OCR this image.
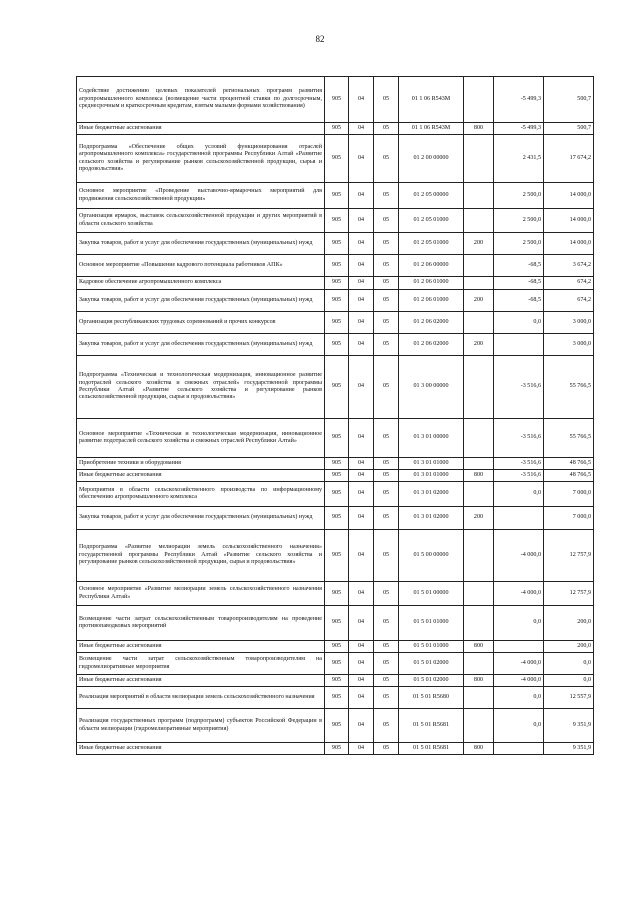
82
Содействие достижению целевых показателей региональных программ развития агропромышленного комплекса (возмещение части процентной ставки по долгосрочным, среднесрочным и краткосрочным кредитам, взятым малыми формами хозяйствования)	905	04	05	01 1 06 R543M		-5 499,3	500,7
Иные бюджетные ассигнования	905	04	05	01 1 06 R543M	800	-5 499,3	500,7
Подпрограмма «Обеспечение общих условий функционирования отраслей агропромышленного комплекса» государственной программы Республики Алтай «Развитие сельского хозяйства и регулирование рынков сельскохозяйственной продукции, сырья и продовольствия»	905	04	05	01 2 00 00000		2 431,5	17 674,2
Основное мероприятие «Проведение выставочно-ярмарочных мероприятий для продвижения сельскохозяйственной продукции»	905	04	05	01 2 05 00000		2 500,0	14 000,0
Организация ярмарок, выставок сельскохозяйственной продукции и других мероприятий в области сельского хозяйства	905	04	05	01 2 05 01000		2 500,0	14 000,0
Закупка товаров, работ и услуг для обеспечения государственных (муниципальных) нужд	905	04	05	01 2 05 01000	200	2 500,0	14 000,0
Основное мероприятие «Повышение кадрового потенциала работников АПК»	905	04	05	01 2 06 00000		-68,5	3 674,2
Кадровое обеспечение агропромышленного комплекса	905	04	05	01 2 06 01000		-68,5	674,2
Закупка товаров, работ и услуг для обеспечения государственных (муниципальных) нужд	905	04	05	01 2 06 01000	200	-68,5	674,2
Организация республиканских трудовых соревнований и прочих конкурсов	905	04	05	01 2 06 02000		0,0	3 000,0
Закупка товаров, работ и услуг для обеспечения государственных (муниципальных) нужд	905	04	05	01 2 06 02000	200		3 000,0
Подпрограмма «Техническая и технологическая модернизация, инновационное развитие подотраслей сельского хозяйства и смежных отраслей» государственной программы Республики Алтай «Развитие сельского хозяйства и регулирование рынков сельскохозяйственной продукции, сырья и продовольствия»	905	04	05	01 3 00 00000		-3 516,6	55 766,5
Основное мероприятие «Техническая и технологическая модернизация, инновационное развитие подотраслей сельского хозяйства и смежных отраслей Республики Алтай»	905	04	05	01 3 01 00000		-3 516,6	55 766,5
Приобретение техники и оборудования	905	04	05	01 3 01 01000		-3 516,6	48 766,5
Иные бюджетные ассигнования	905	04	05	01 3 01 01000	800	-3 516,6	48 766,5
Мероприятия в области сельскохозяйственного производства по информационному обеспечению агропромышленного комплекса	905	04	05	01 3 01 02000		0,0	7 000,0
Закупка товаров, работ и услуг для обеспечения государственных (муниципальных) нужд	905	04	05	01 3 01 02000	200		7 000,0
Подпрограмма «Развитие мелиорации земель сельскохозяйственного назначения» государственной программы Республики Алтай «Развитие сельского хозяйства и регулирование рынков сельскохозяйственной продукции, сырья и продовольствия»	905	04	05	01 5 00 00000		-4 000,0	12 757,9
Основное мероприятие «Развитие мелиорации земель сельскохозяйственного назначения Республики Алтай»	905	04	05	01 5 01 00000		-4 000,0	12 757,9
Возмещение части затрат сельскохозяйственным товаропроизводителям на проведение противопаводковых мероприятий	905	04	05	01 5 01 01000		0,0	200,0
Иные бюджетные ассигнования	905	04	05	01 5 01 01000	800		200,0
Возмещение части затрат сельскохозяйственным товаропроизводителям на гидромелиоративные мероприятия	905	04	05	01 5 01 02000		-4 000,0	0,0
Иные бюджетные ассигнования	905	04	05	01 5 01 02000	800	-4 000,0	0,0
Реализация мероприятий в области мелиорации земель сельскохозяйственного назначения	905	04	05	01 5 01 R5680		0,0	12 557,9
Реализация государственных программ (подпрограмм) субъектов Российской Федерации в области мелиорации (гидромелиоративные мероприятия)	905	04	05	01 5 01 R5681		0,0	9 351,9
Иные бюджетные ассигнования	905	04	05	01 5 01 R5681	800		9 351,9
